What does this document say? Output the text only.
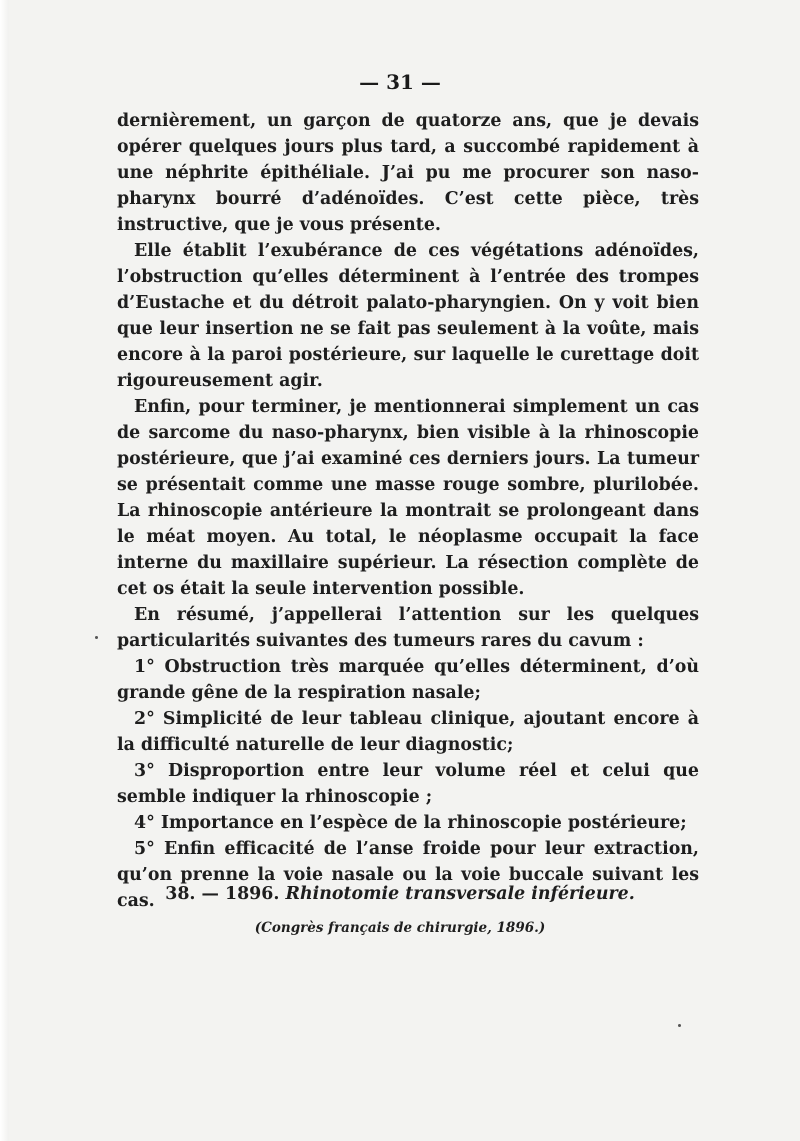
— 31 —

dernièrement, un garçon de quatorze ans, que je devais opérer quelques jours plus tard, a succombé rapidement à une néphrite épithéliale. J’ai pu me procurer son naso-pharynx bourré d’adénoïdes. C’est cette pièce, très instructive, que je vous présente.

Elle établit l’exubérance de ces végétations adénoïdes, l’obstruction qu’elles déterminent à l’entrée des trompes d’Eustache et du détroit palato-pharyngien. On y voit bien que leur insertion ne se fait pas seulement à la voûte, mais encore à la paroi postérieure, sur laquelle le curettage doit rigoureusement agir.

Enfin, pour terminer, je mentionnerai simplement un cas de sarcome du naso-pharynx, bien visible à la rhinoscopie postérieure, que j’ai examiné ces derniers jours. La tumeur se présentait comme une masse rouge sombre, plurilobée. La rhinoscopie antérieure la montrait se prolongeant dans le méat moyen. Au total, le néoplasme occupait la face interne du maxillaire supérieur. La résection complète de cet os était la seule intervention possible.

En résumé, j’appellerai l’attention sur les quelques particularités suivantes des tumeurs rares du cavum :

1° Obstruction très marquée qu’elles déterminent, d’où grande gêne de la respiration nasale;

2° Simplicité de leur tableau clinique, ajoutant encore à la difficulté naturelle de leur diagnostic;

3° Disproportion entre leur volume réel et celui que semble indiquer la rhinoscopie ;

4° Importance en l’espèce de la rhinoscopie postérieure;

5° Enfin efficacité de l’anse froide pour leur extraction, qu’on prenne la voie nasale ou la voie buccale suivant les cas. 38. — 1896. Rhinotomie transversale inférieure.
(Congrès français de chirurgie, 1896.)
